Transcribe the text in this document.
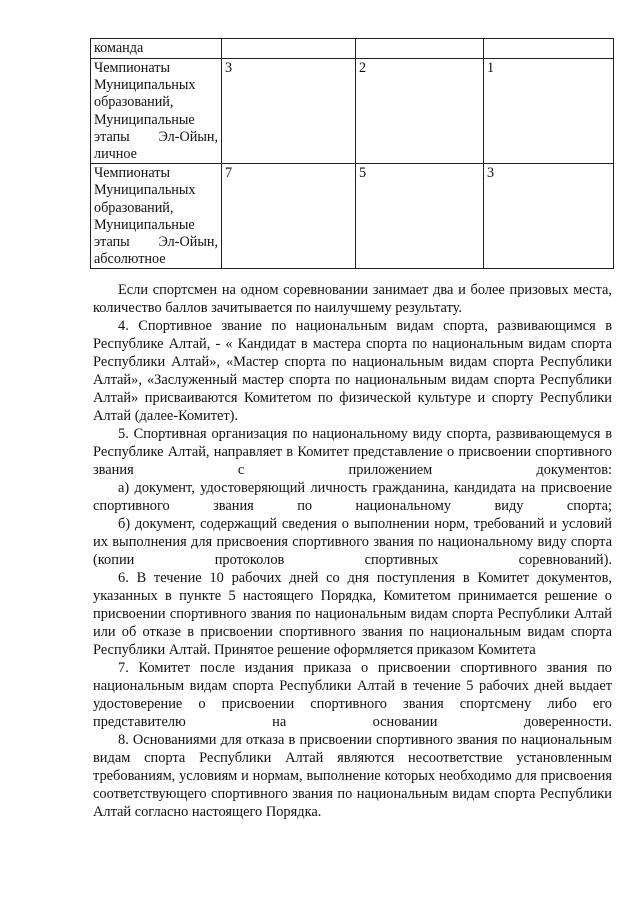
команда			
Чемпионаты Муниципальных образований, Муниципальные этапы Эл-Ойын, личное	3	2	1
Чемпионаты Муниципальных образований, Муниципальные этапы Эл-Ойын, абсолютное	7	5	3

Если спортсмен на одном соревновании занимает два и более призовых места, количество баллов зачитывается по наилучшему результату.

4. Спортивное звание по национальным видам спорта, развивающимся в Республике Алтай, - « Кандидат в мастера спорта по национальным видам спорта Республики Алтай», «Мастер спорта по национальным видам спорта Республики Алтай», «Заслуженный мастер спорта по национальным видам спорта Республики Алтай» присваиваются Комитетом по физической культуре и спорту Республики Алтай (далее-Комитет).

5. Спортивная организация по национальному виду спорта, развивающемуся в Республике Алтай, направляет в Комитет представление о присвоении спортивного звания с приложением документов:

а) документ, удостоверяющий личность гражданина, кандидата на присвоение спортивного звания по национальному виду спорта;

б) документ, содержащий сведения о выполнении норм, требований и условий их выполнения для присвоения спортивного звания по национальному виду спорта (копии протоколов спортивных соревнований).

6. В течение 10 рабочих дней со дня поступления в Комитет документов, указанных в пункте 5 настоящего Порядка, Комитетом принимается решение о присвоении спортивного звания по национальным видам спорта Республики Алтай или об отказе в присвоении спортивного звания по национальным видам спорта Республики Алтай. Принятое решение оформляется приказом Комитета

7. Комитет после издания приказа о присвоении спортивного звания по национальным видам спорта Республики Алтай в течение 5 рабочих дней выдает удостоверение о присвоении спортивного звания спортсмену либо его представителю на основании доверенности.

8. Основаниями для отказа в присвоении спортивного звания по национальным видам спорта Республики Алтай являются несоответствие установленным требованиям, условиям и нормам, выполнение которых необходимо для присвоения соответствующего спортивного звания по национальным видам спорта Республики Алтай согласно настоящего Порядка.
